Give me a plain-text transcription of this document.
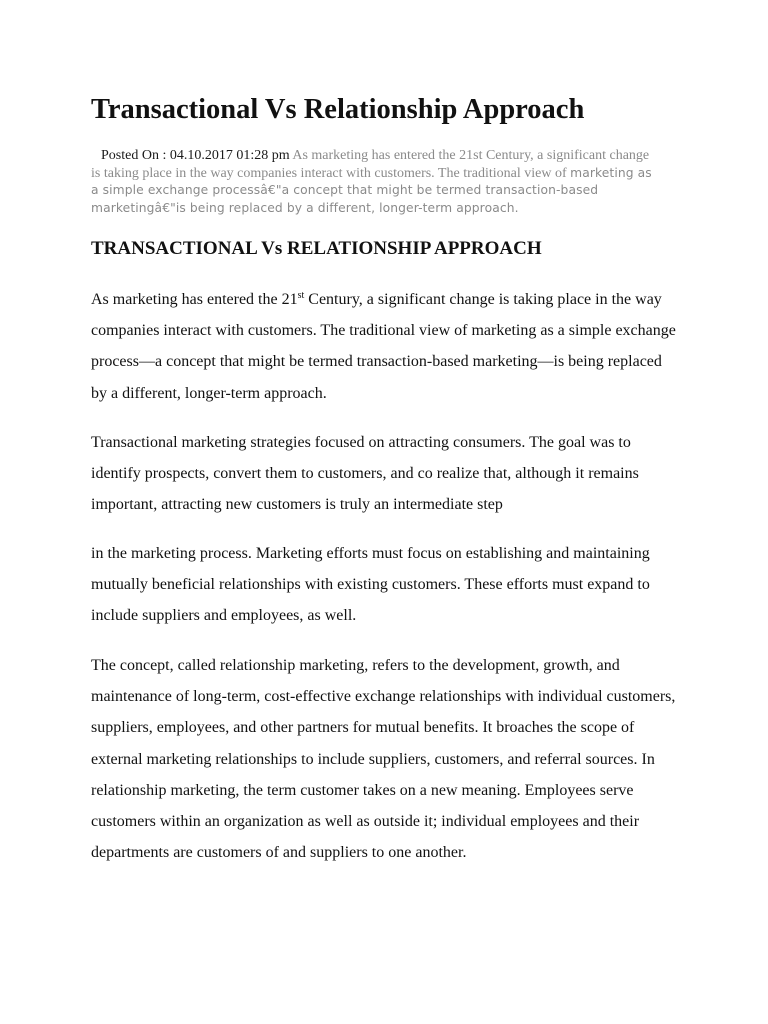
Transactional Vs Relationship Approach
Posted On : 04.10.2017 01:28 pm As marketing has entered the 21st Century, a significant change is taking place in the way companies interact with customers. The traditional view of marketing as a simple exchange processâ€"a concept that might be termed transaction-based marketingâ€"is being replaced by a different, longer-term approach.
TRANSACTIONAL Vs RELATIONSHIP APPROACH

As marketing has entered the 21st Century, a significant change is taking place in the way companies interact with customers. The traditional view of marketing as a simple exchange process—a concept that might be termed transaction-based marketing—is being replaced by a different, longer-term approach.

Transactional marketing strategies focused on attracting consumers. The goal was to identify prospects, convert them to customers, and co realize that, although it remains important, attracting new customers is truly an intermediate step

in the marketing process. Marketing efforts must focus on establishing and maintaining mutually beneficial relationships with existing customers. These efforts must expand to include suppliers and employees, as well.

The concept, called relationship marketing, refers to the development, growth, and maintenance of long-term, cost-effective exchange relationships with individual customers, suppliers, employees, and other partners for mutual benefits. It broaches the scope of external marketing relationships to include suppliers, customers, and referral sources. In relationship marketing, the term customer takes on a new meaning. Employees serve customers within an organization as well as outside it; individual employees and their departments are customers of and suppliers to one another.
